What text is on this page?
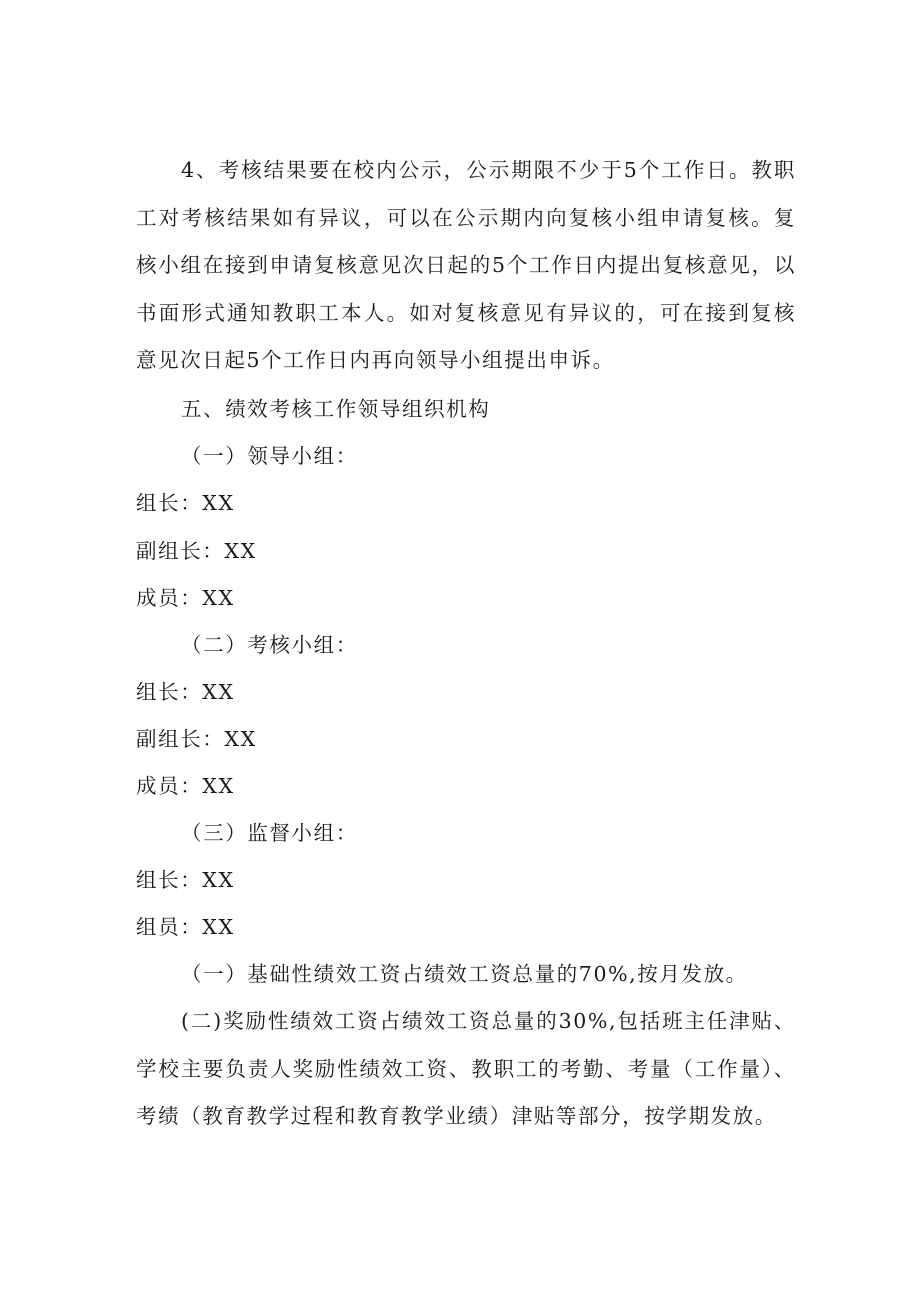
4、考核结果要在校内公示，公示期限不少于5个工作日。教职工对考核结果如有异议，可以在公示期内向复核小组申请复核。复核小组在接到申请复核意见次日起的5个工作日内提出复核意见，以书面形式通知教职工本人。如对复核意见有异议的，可在接到复核意见次日起5个工作日内再向领导小组提出申诉。

五、绩效考核工作领导组织机构

（一）领导小组：

组长：XX

副组长：XX

成员：XX

（二）考核小组：

组长：XX

副组长：XX

成员：XX

（三）监督小组：

组长：XX

组员：XX

（一）基础性绩效工资占绩效工资总量的70%,按月发放。

(二)奖励性绩效工资占绩效工资总量的30%,包括班主任津贴、学校主要负责人奖励性绩效工资、教职工的考勤、考量（工作量）、考绩（教育教学过程和教育教学业绩）津贴等部分，按学期发放。
